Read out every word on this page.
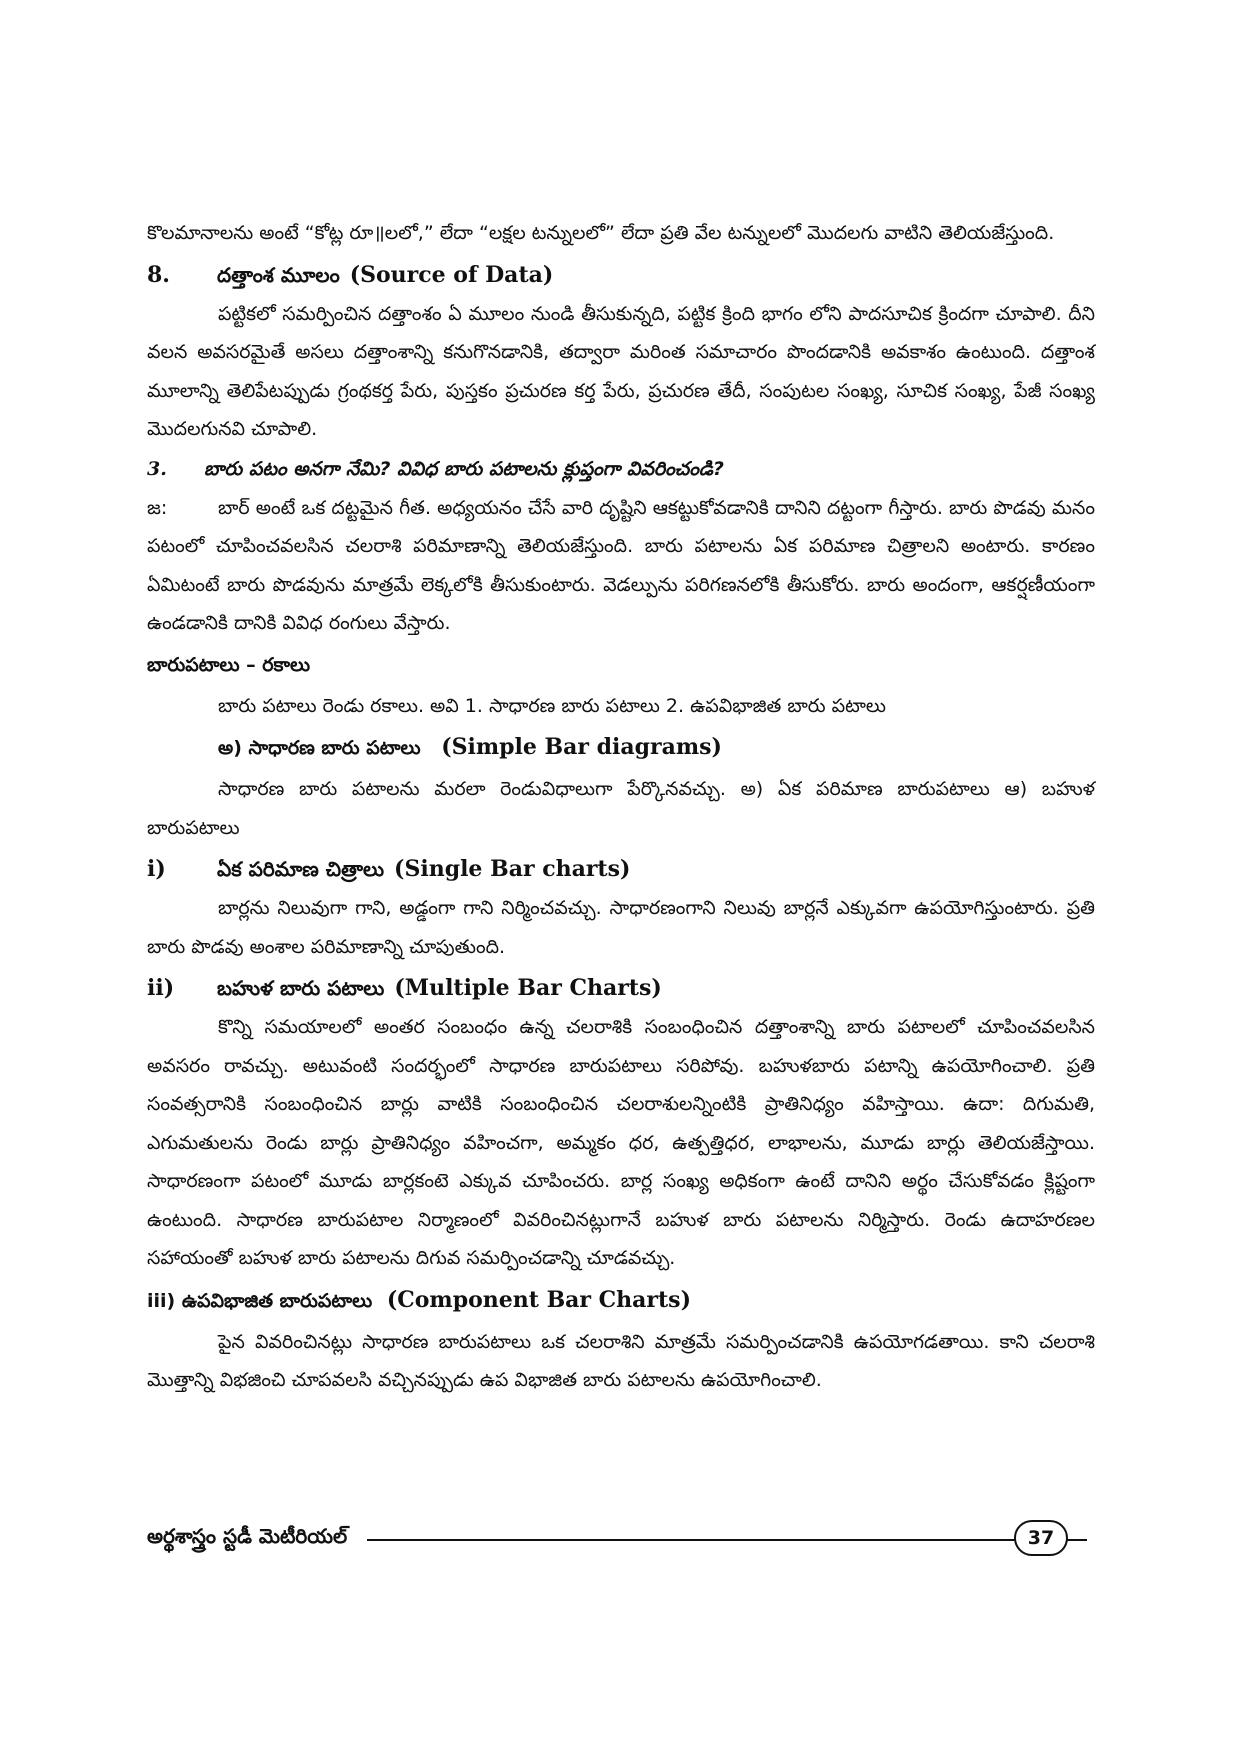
కొలమానాలను అంటే “కోట్ల రూ॥లలో,” లేదా “లక్షల టన్నులలో” లేదా ప్రతి వేల టన్నులలో మొదలగు వాటిని తెలియజేస్తుంది.

8.	దత్తాంశ మూలం (Source of Data)

పట్టికలో సమర్పించిన దత్తాంశం ఏ మూలం నుండి తీసుకున్నది, పట్టిక క్రింది భాగం లోని పాదసూచిక క్రిందగా చూపాలి. దీని వలన అవసరమైతే అసలు దత్తాంశాన్ని కనుగొనడానికి, తద్వారా మరింత సమాచారం పొందడానికి అవకాశం ఉంటుంది. దత్తాంశ మూలాన్ని తెలిపేటప్పుడు గ్రంథకర్త పేరు, పుస్తకం ప్రచురణ కర్త పేరు, ప్రచురణ తేదీ, సంపుటల సంఖ్య, సూచిక సంఖ్య, పేజీ సంఖ్య మొదలగునవి చూపాలి.

3.	బారు పటం అనగా నేమి? వివిధ బారు పటాలను క్లుప్తంగా వివరించండి?

జ:	బార్ అంటే ఒక దట్టమైన గీత. అధ్యయనం చేసే వారి దృష్టిని ఆకట్టుకోవడానికి దానిని దట్టంగా గీస్తారు. బారు పొడవు మనం పటంలో చూపించవలసిన చలరాశి పరిమాణాన్ని తెలియజేస్తుంది. బారు పటాలను ఏక పరిమాణ చిత్రాలని అంటారు. కారణం ఏమిటంటే బారు పొడవును మాత్రమే లెక్కలోకి తీసుకుంటారు. వెడల్పును పరిగణనలోకి తీసుకోరు. బారు అందంగా, ఆకర్షణీయంగా ఉండడానికి దానికి వివిధ రంగులు వేస్తారు.

బారుపటాలు – రకాలు

బారు పటాలు రెండు రకాలు. అవి 1. సాధారణ బారు పటాలు 2. ఉపవిభాజిత బారు పటాలు

అ) సాధారణ బారు పటాలు (Simple Bar diagrams)

సాధారణ బారు పటాలను మరలా రెండువిధాలుగా పేర్కొనవచ్చు. అ) ఏక పరిమాణ బారుపటాలు ఆ) బహుళ బారుపటాలు

i)	ఏక పరిమాణ చిత్రాలు (Single Bar charts)

బార్లను నిలువుగా గాని, అడ్డంగా గాని నిర్మించవచ్చు. సాధారణంగాని నిలువు బార్లనే ఎక్కువగా ఉపయోగిస్తుంటారు. ప్రతి బారు పొడవు అంశాల పరిమాణాన్ని చూపుతుంది.

ii)	బహుళ బారు పటాలు (Multiple Bar Charts)

కొన్ని సమయాలలో అంతర సంబంధం ఉన్న చలరాశికి సంబంధించిన దత్తాంశాన్ని బారు పటాలలో చూపించవలసిన అవసరం రావచ్చు. అటువంటి సందర్భంలో సాధారణ బారుపటాలు సరిపోవు. బహుళబారు పటాన్ని ఉపయోగించాలి. ప్రతి సంవత్సరానికి సంబంధించిన బార్లు వాటికి సంబంధించిన చలరాశులన్నింటికి ప్రాతినిధ్యం వహిస్తాయి. ఉదా: దిగుమతి, ఎగుమతులను రెండు బార్లు ప్రాతినిధ్యం వహించగా, అమ్మకం ధర, ఉత్పత్తిధర, లాభాలను, మూడు బార్లు తెలియజేస్తాయి. సాధారణంగా పటంలో మూడు బార్లకంటె ఎక్కువ చూపించరు. బార్ల సంఖ్య అధికంగా ఉంటే దానిని అర్థం చేసుకోవడం క్లిష్టంగా ఉంటుంది. సాధారణ బారుపటాల నిర్మాణంలో వివరించినట్లుగానే బహుళ బారు పటాలను నిర్మిస్తారు. రెండు ఉదాహరణల సహాయంతో బహుళ బారు పటాలను దిగువ సమర్పించడాన్ని చూడవచ్చు.

iii) ఉపవిభాజిత బారుపటాలు (Component Bar Charts)

పైన వివరించినట్లు సాధారణ బారుపటాలు ఒక చలరాశిని మాత్రమే సమర్పించడానికి ఉపయోగడతాయి. కాని చలరాశి మొత్తాన్ని విభజించి చూపవలసి వచ్చినప్పుడు ఉప విభాజిత బారు పటాలను ఉపయోగించాలి.

అర్థశాస్త్రం స్టడీ మెటీరియల్	37
